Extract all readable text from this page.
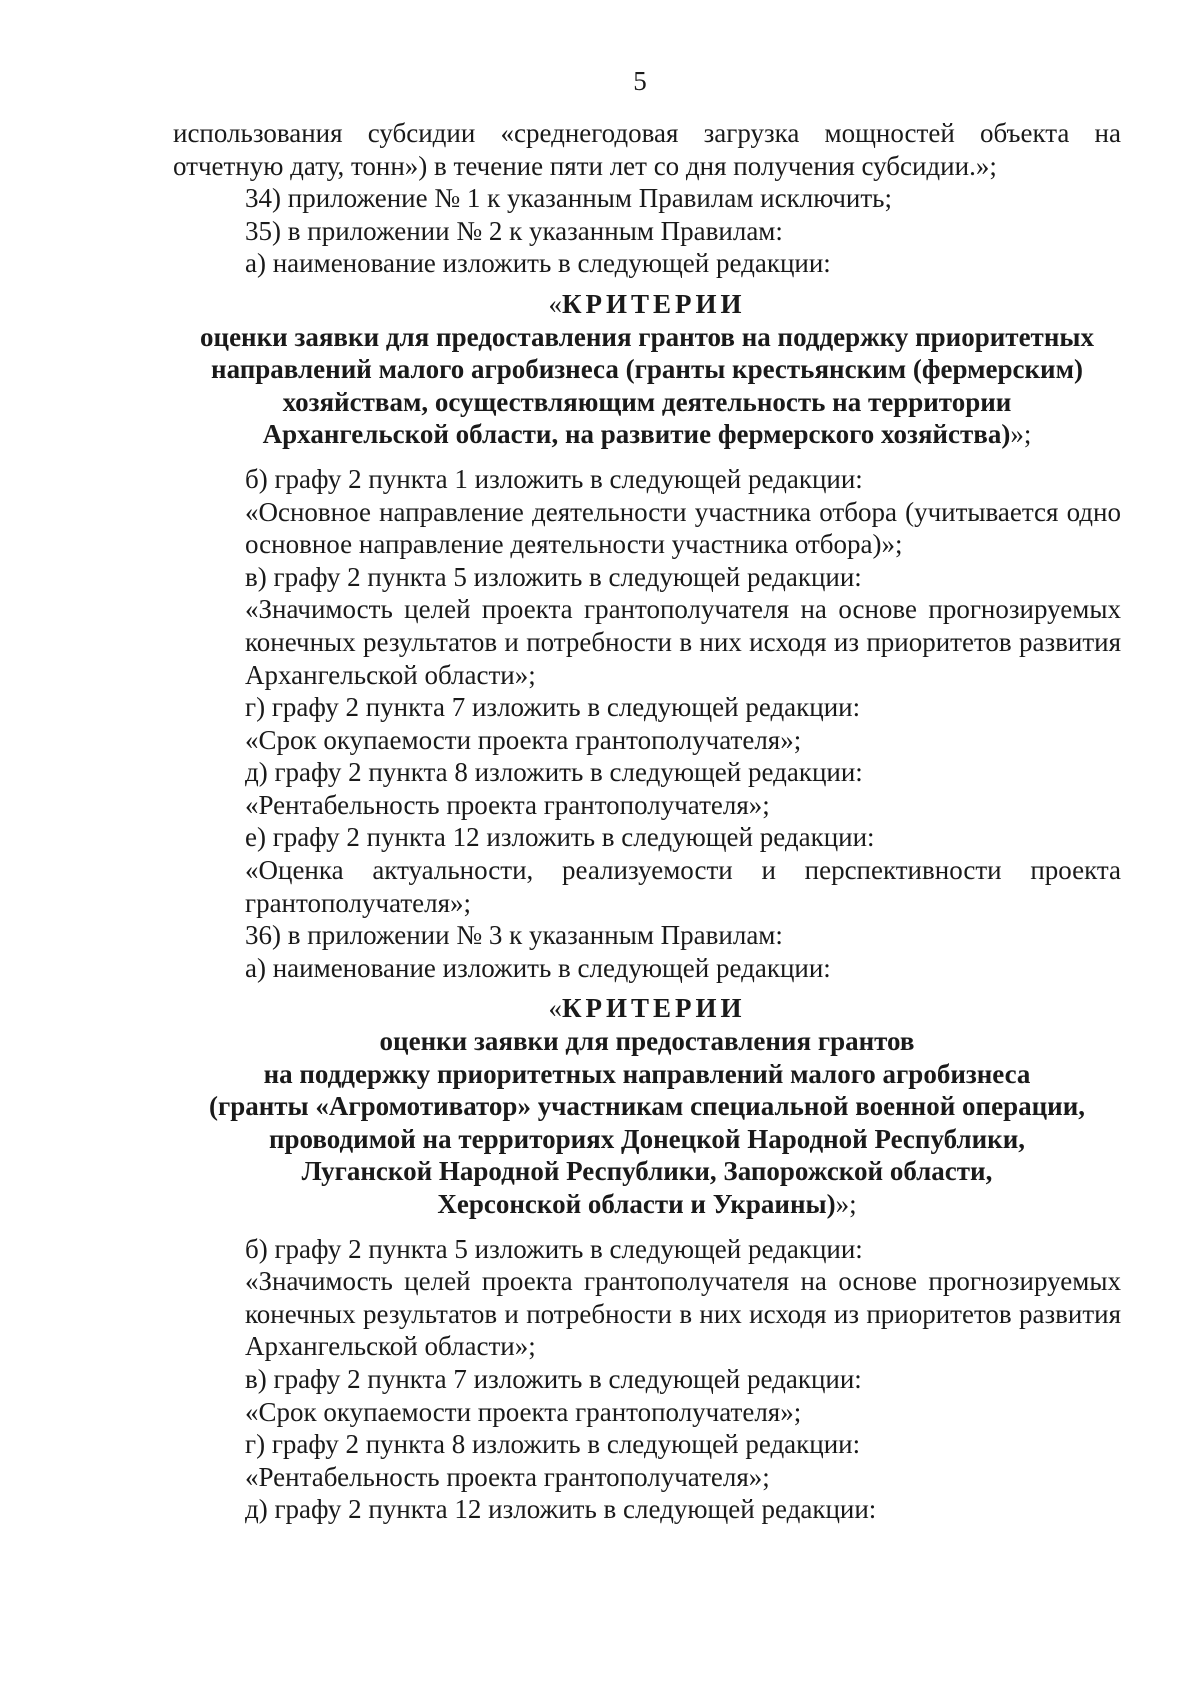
5

использования субсидии «среднегодовая загрузка мощностей объекта на отчетную дату, тонн») в течение пяти лет со дня получения субсидии.»;

34) приложение № 1 к указанным Правилам исключить;

35) в приложении № 2 к указанным Правилам:

а) наименование изложить в следующей редакции:

«КРИТЕРИИ

оценки заявки для предоставления грантов на поддержку приоритетных

направлений малого агробизнеса (гранты крестьянским (фермерским)

хозяйствам, осуществляющим деятельность на территории

Архангельской области, на развитие фермерского хозяйства)»;

б) графу 2 пункта 1 изложить в следующей редакции:

«Основное направление деятельности участника отбора (учитывается одно основное направление деятельности участника отбора)»;

в) графу 2 пункта 5 изложить в следующей редакции:

«Значимость целей проекта грантополучателя на основе прогнозируемых конечных результатов и потребности в них исходя из приоритетов развития Архангельской области»;

г) графу 2 пункта 7 изложить в следующей редакции:

«Срок окупаемости проекта грантополучателя»;

д) графу 2 пункта 8 изложить в следующей редакции:

«Рентабельность проекта грантополучателя»;

е) графу 2 пункта 12 изложить в следующей редакции:

«Оценка актуальности, реализуемости и перспективности проекта грантополучателя»;

36) в приложении № 3 к указанным Правилам:

а) наименование изложить в следующей редакции:

«КРИТЕРИИ

оценки заявки для предоставления грантов

на поддержку приоритетных направлений малого агробизнеса

(гранты «Агромотиватор» участникам специальной военной операции,

проводимой на территориях Донецкой Народной Республики,

Луганской Народной Республики, Запорожской области,

Херсонской области и Украины)»;

б) графу 2 пункта 5 изложить в следующей редакции:

«Значимость целей проекта грантополучателя на основе прогнозируемых конечных результатов и потребности в них исходя из приоритетов развития Архангельской области»;

в) графу 2 пункта 7 изложить в следующей редакции:

«Срок окупаемости проекта грантополучателя»;

г) графу 2 пункта 8 изложить в следующей редакции:

«Рентабельность проекта грантополучателя»;

д) графу 2 пункта 12 изложить в следующей редакции:
